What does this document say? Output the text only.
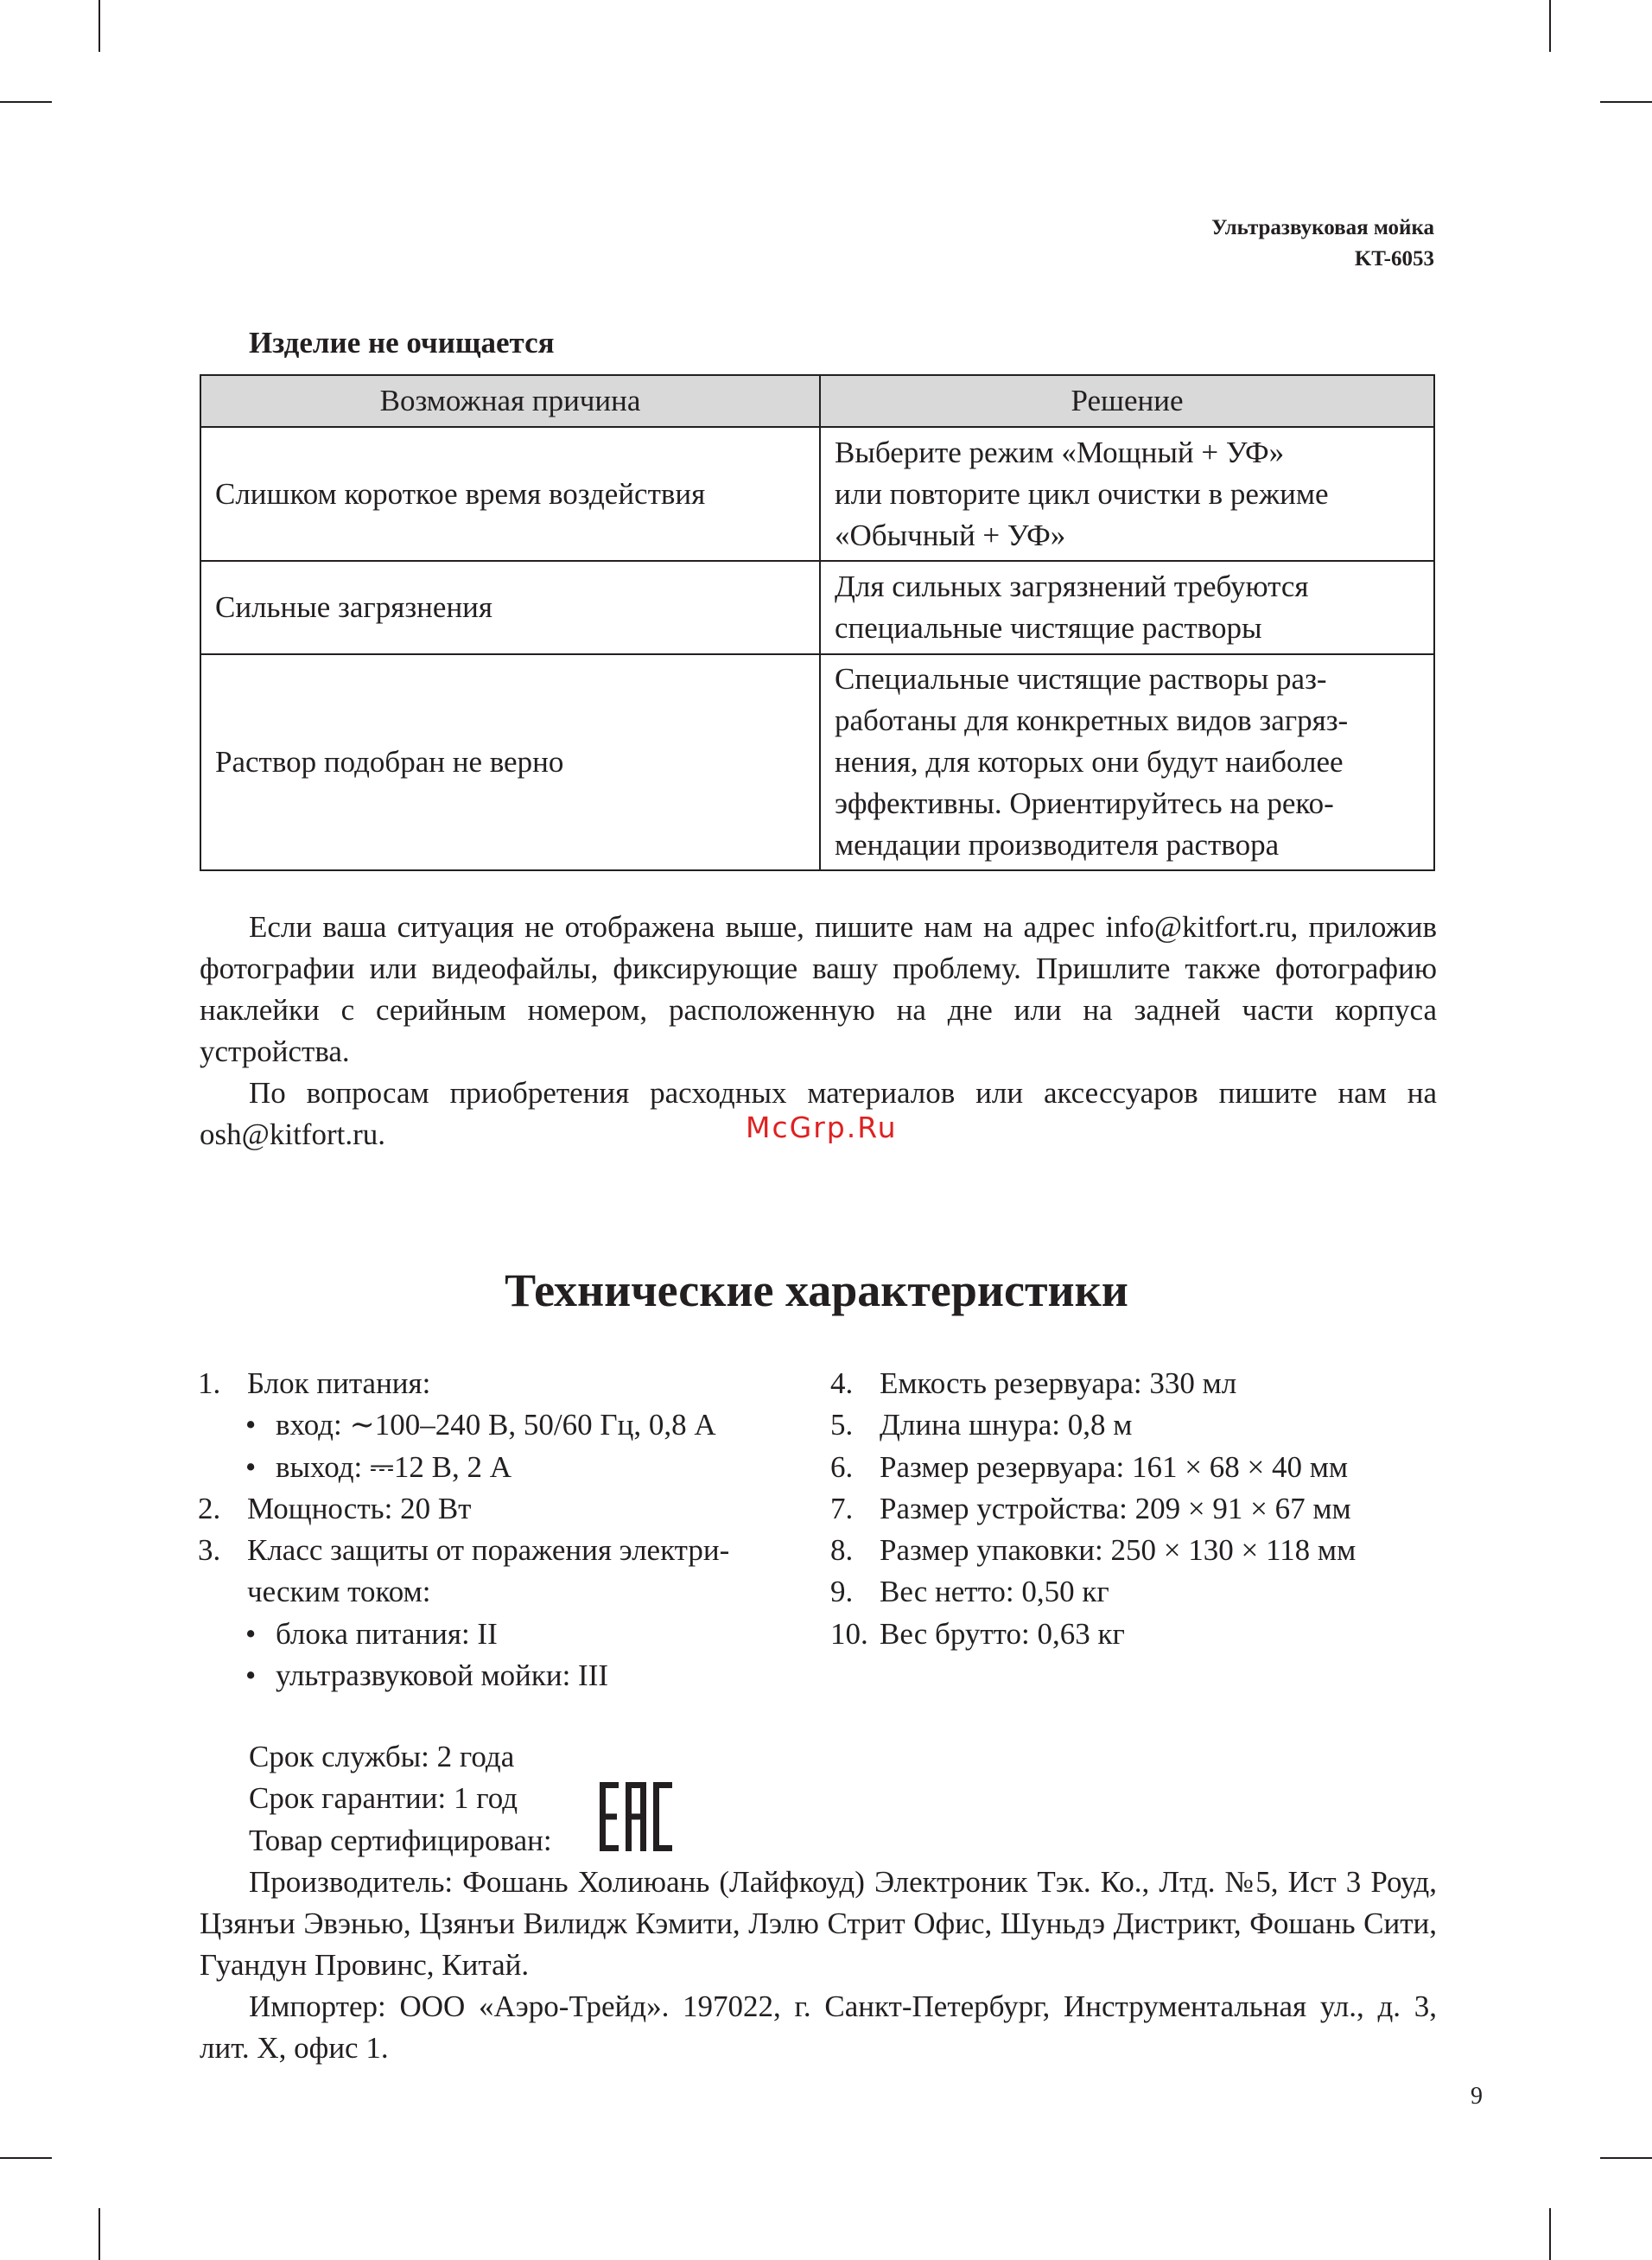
Ультразвуковая мойка
KT-6053
Изделие не очищается
Возможная причина	Решение
Слишком короткое время воздействия	Выберите режим «Мощный + УФ»
или повторите цикл очистки в режиме
«Обычный + УФ»

Сильные загрязнения	Для сильных загрязнений требуются
специальные чистящие растворы

Раствор подобран не верно	Специальные чистящие растворы раз-
работаны для конкретных видов загряз-
нения, для которых они будут наиболее
эффективны. Ориентируйтесь на реко-
мендации производителя раствора

Если ваша ситуация не отображена выше, пишите нам на адрес info@kitfort.ru, приложив фотографии или видеофайлы, фиксирующие вашу проблему. Пришлите также фотографию наклейки с серийным номером, расположенную на дне или на задней части корпуса устройства.

По вопросам приобретения расходных материалов или аксессуаров пишите нам на osh@kitfort.ru.	McGrp.Ru
Технические характеристики
1. Блок питания:
• вход: ∼100–240 В, 50/60 Гц, 0,8 А
• выход: ⎓12 В, 2 А
2. Мощность: 20 Вт
3. Класс защиты от поражения электри-
ческим током:
• блока питания: II
• ультразвуковой мойки: III
4. Емкость резервуара: 330 мл
5. Длина шнура: 0,8 м
6. Размер резервуара: 161 × 68 × 40 мм
7. Размер устройства: 209 × 91 × 67 мм
8. Размер упаковки: 250 × 130 × 118 мм
9. Вес нетто: 0,50 кг
10. Вес брутто: 0,63 кг
Срок службы: 2 года
Срок гарантии: 1 год
Товар сертифицирован:

Производитель: Фошань Холиюань (Лайфкоуд) Электроник Тэк. Ко., Лтд. №5, Ист 3 Роуд, Цзянъи Эвэнью, Цзянъи Вилидж Кэмити, Лэлю Стрит Офис, Шуньдэ Дистрикт, Фошань Сити, Гуандун Провинс, Китай.

Импортер: ООО «Аэро-Трейд». 197022, г. Санкт-Петербург, Инструментальная ул., д. 3, лит. Х, офис 1.

9
